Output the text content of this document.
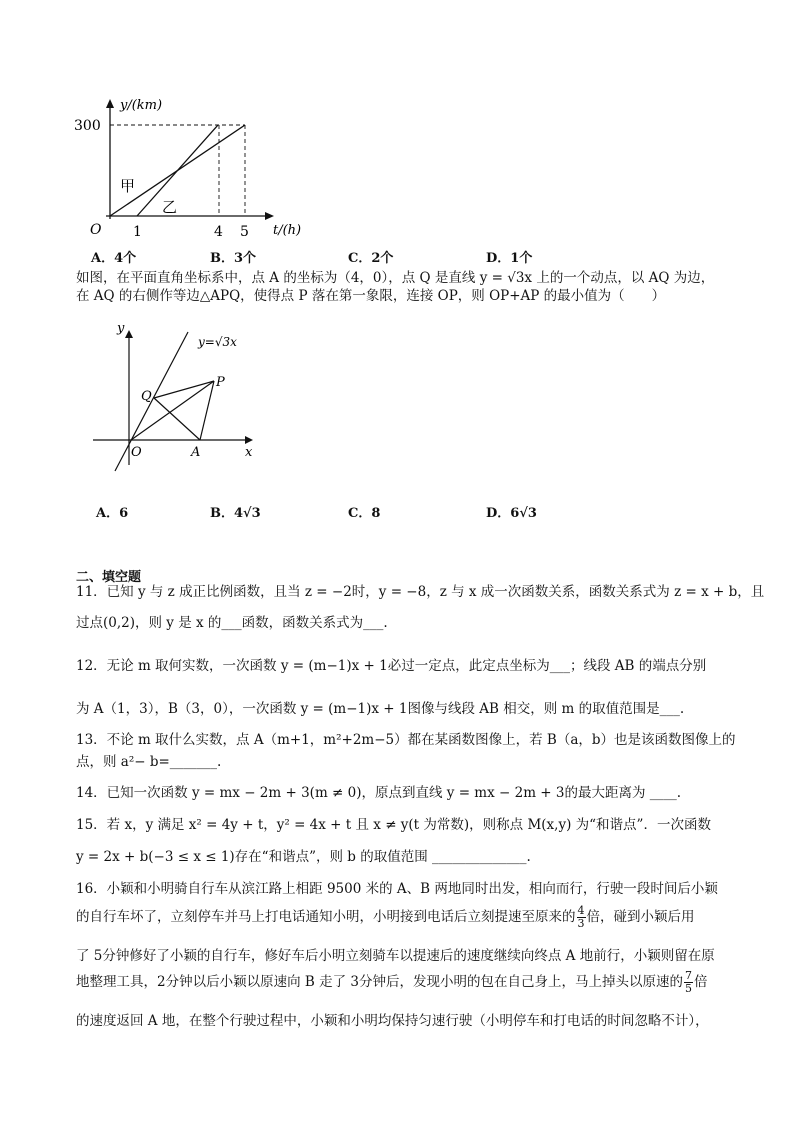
y/(km)
300
O 1	4 5 t/(h)
甲
乙
A．4个	B．3个	C．2个	D．1个
如图，在平面直角坐标系中，点 A 的坐标为（4，0），点 Q 是直线 y = √3x 上的一个动点，以 AQ 为边，
在 AQ 的右侧作等边△APQ，使得点 P 落在第一象限，连接 OP，则 OP+AP 的最小值为（　　）
y
x
y=√3x
O	A
P
Q
A．6	B．4√3	C．8	D．6√3
二、填空题
11．已知 y 与 z 成正比例函数，且当 z = −2时，y = −8，z 与 x 成一次函数关系，函数关系式为 z = x + b，且
过点(0,2)，则 y 是 x 的___函数，函数关系式为___.
12．无论 m 取何实数，一次函数 y = (m−1)x + 1必过一定点，此定点坐标为___；线段 AB 的端点分别
为 A（1，3），B（3，0），一次函数 y = (m−1)x + 1图像与线段 AB 相交，则 m 的取值范围是___.
13．不论 m 取什么实数，点 A（m+1，m²+2m−5）都在某函数图像上，若 B（a，b）也是该函数图像上的
点，则 a²− b=_______.
14．已知一次函数 y = mx − 2m + 3(m ≠ 0)，原点到直线 y = mx − 2m + 3的最大距离为 ____.
15．若 x，y 满足 x² = 4y + t，y² = 4x + t 且 x ≠ y(t 为常数)，则称点 M(x,y) 为“和谐点”．一次函数
y = 2x + b(−3 ≤ x ≤ 1)存在“和谐点”，则 b 的取值范围 ______________.
16．小颖和小明骑自行车从滨江路上相距 9500 米的 A、B 两地同时出发，相向而行，行驶一段时间后小颖
的自行车坏了，立刻停车并马上打电话通知小明，小明接到电话后立刻提速至原来的 $\frac{4}{3}$ 倍，碰到小颖后用
了 5分钟修好了小颖的自行车，修好车后小明立刻骑车以提速后的速度继续向终点 A 地前行，小颖则留在原
地整理工具，2分钟以后小颖以原速向 B 走了 3分钟后，发现小明的包在自己身上，马上掉头以原速的 $\frac{7}{5}$ 倍
的速度返回 A 地，在整个行驶过程中，小颖和小明均保持匀速行驶（小明停车和打电话的时间忽略不计），
